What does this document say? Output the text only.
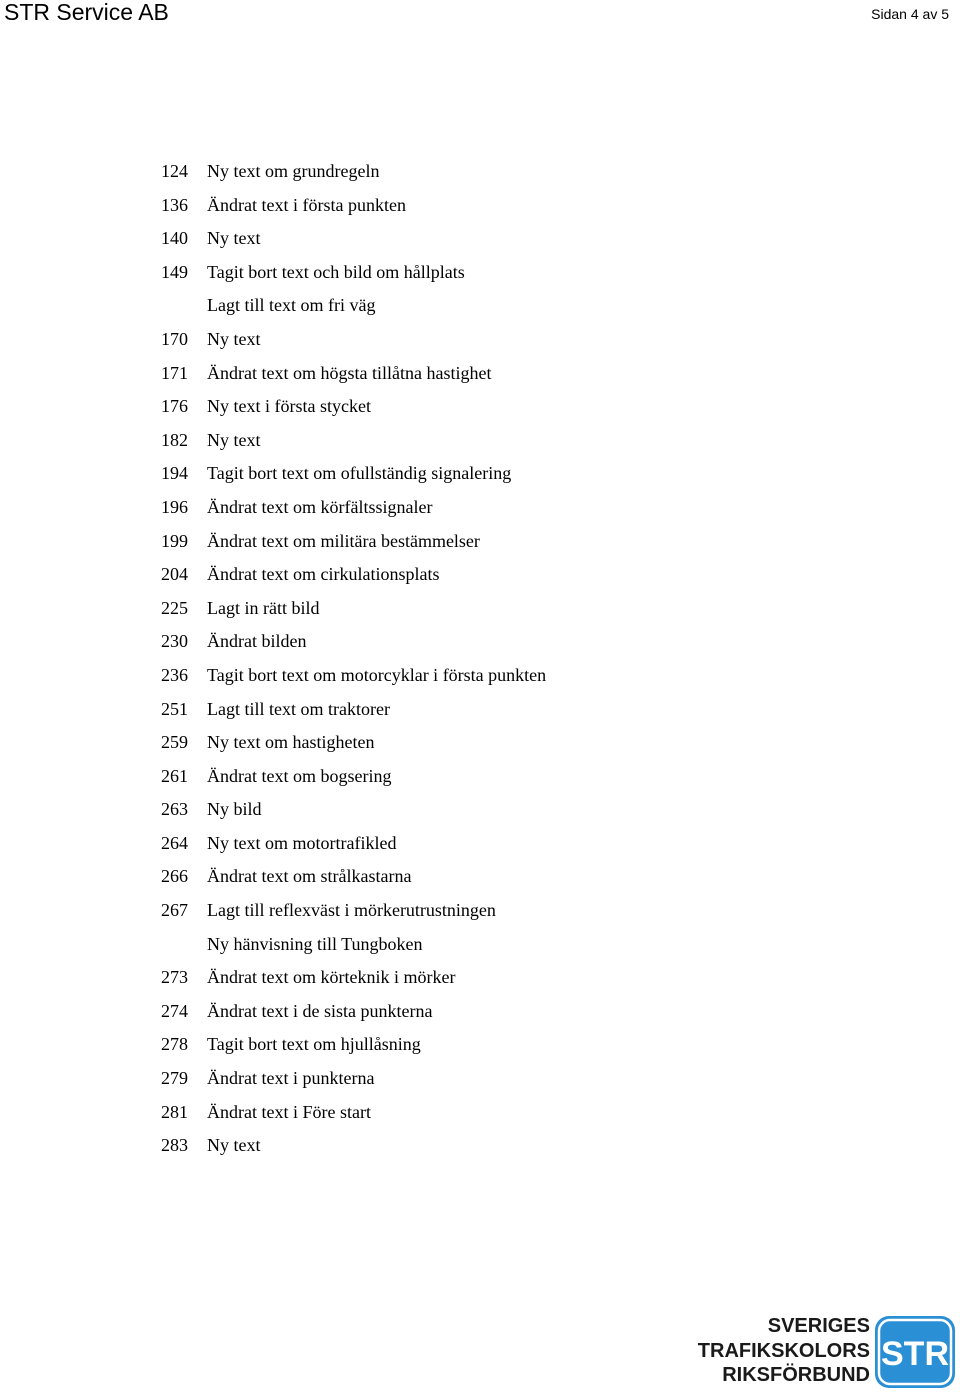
STR Service AB	Sidan 4 av 5
124 Ny text om grundregeln
136 Ändrat text i första punkten
140 Ny text
149 Tagit bort text och bild om hållplats
Lagt till text om fri väg
170 Ny text
171 Ändrat text om högsta tillåtna hastighet
176 Ny text i första stycket
182 Ny text
194 Tagit bort text om ofullständig signalering
196 Ändrat text om körfältssignaler
199 Ändrat text om militära bestämmelser
204 Ändrat text om cirkulationsplats
225 Lagt in rätt bild
230 Ändrat bilden
236 Tagit bort text om motorcyklar i första punkten
251 Lagt till text om traktorer
259 Ny text om hastigheten
261 Ändrat text om bogsering
263 Ny bild
264 Ny text om motortrafikled
266 Ändrat text om strålkastarna
267 Lagt till reflexväst i mörkerutrustningen
Ny hänvisning till Tungboken
273 Ändrat text om körteknik i mörker
274 Ändrat text i de sista punkterna
278 Tagit bort text om hjullåsning
279 Ändrat text i punkterna
281 Ändrat text i Före start
283 Ny text
SVERIGES
TRAFIKSKOLORS
RIKSFÖRBUND
STR
